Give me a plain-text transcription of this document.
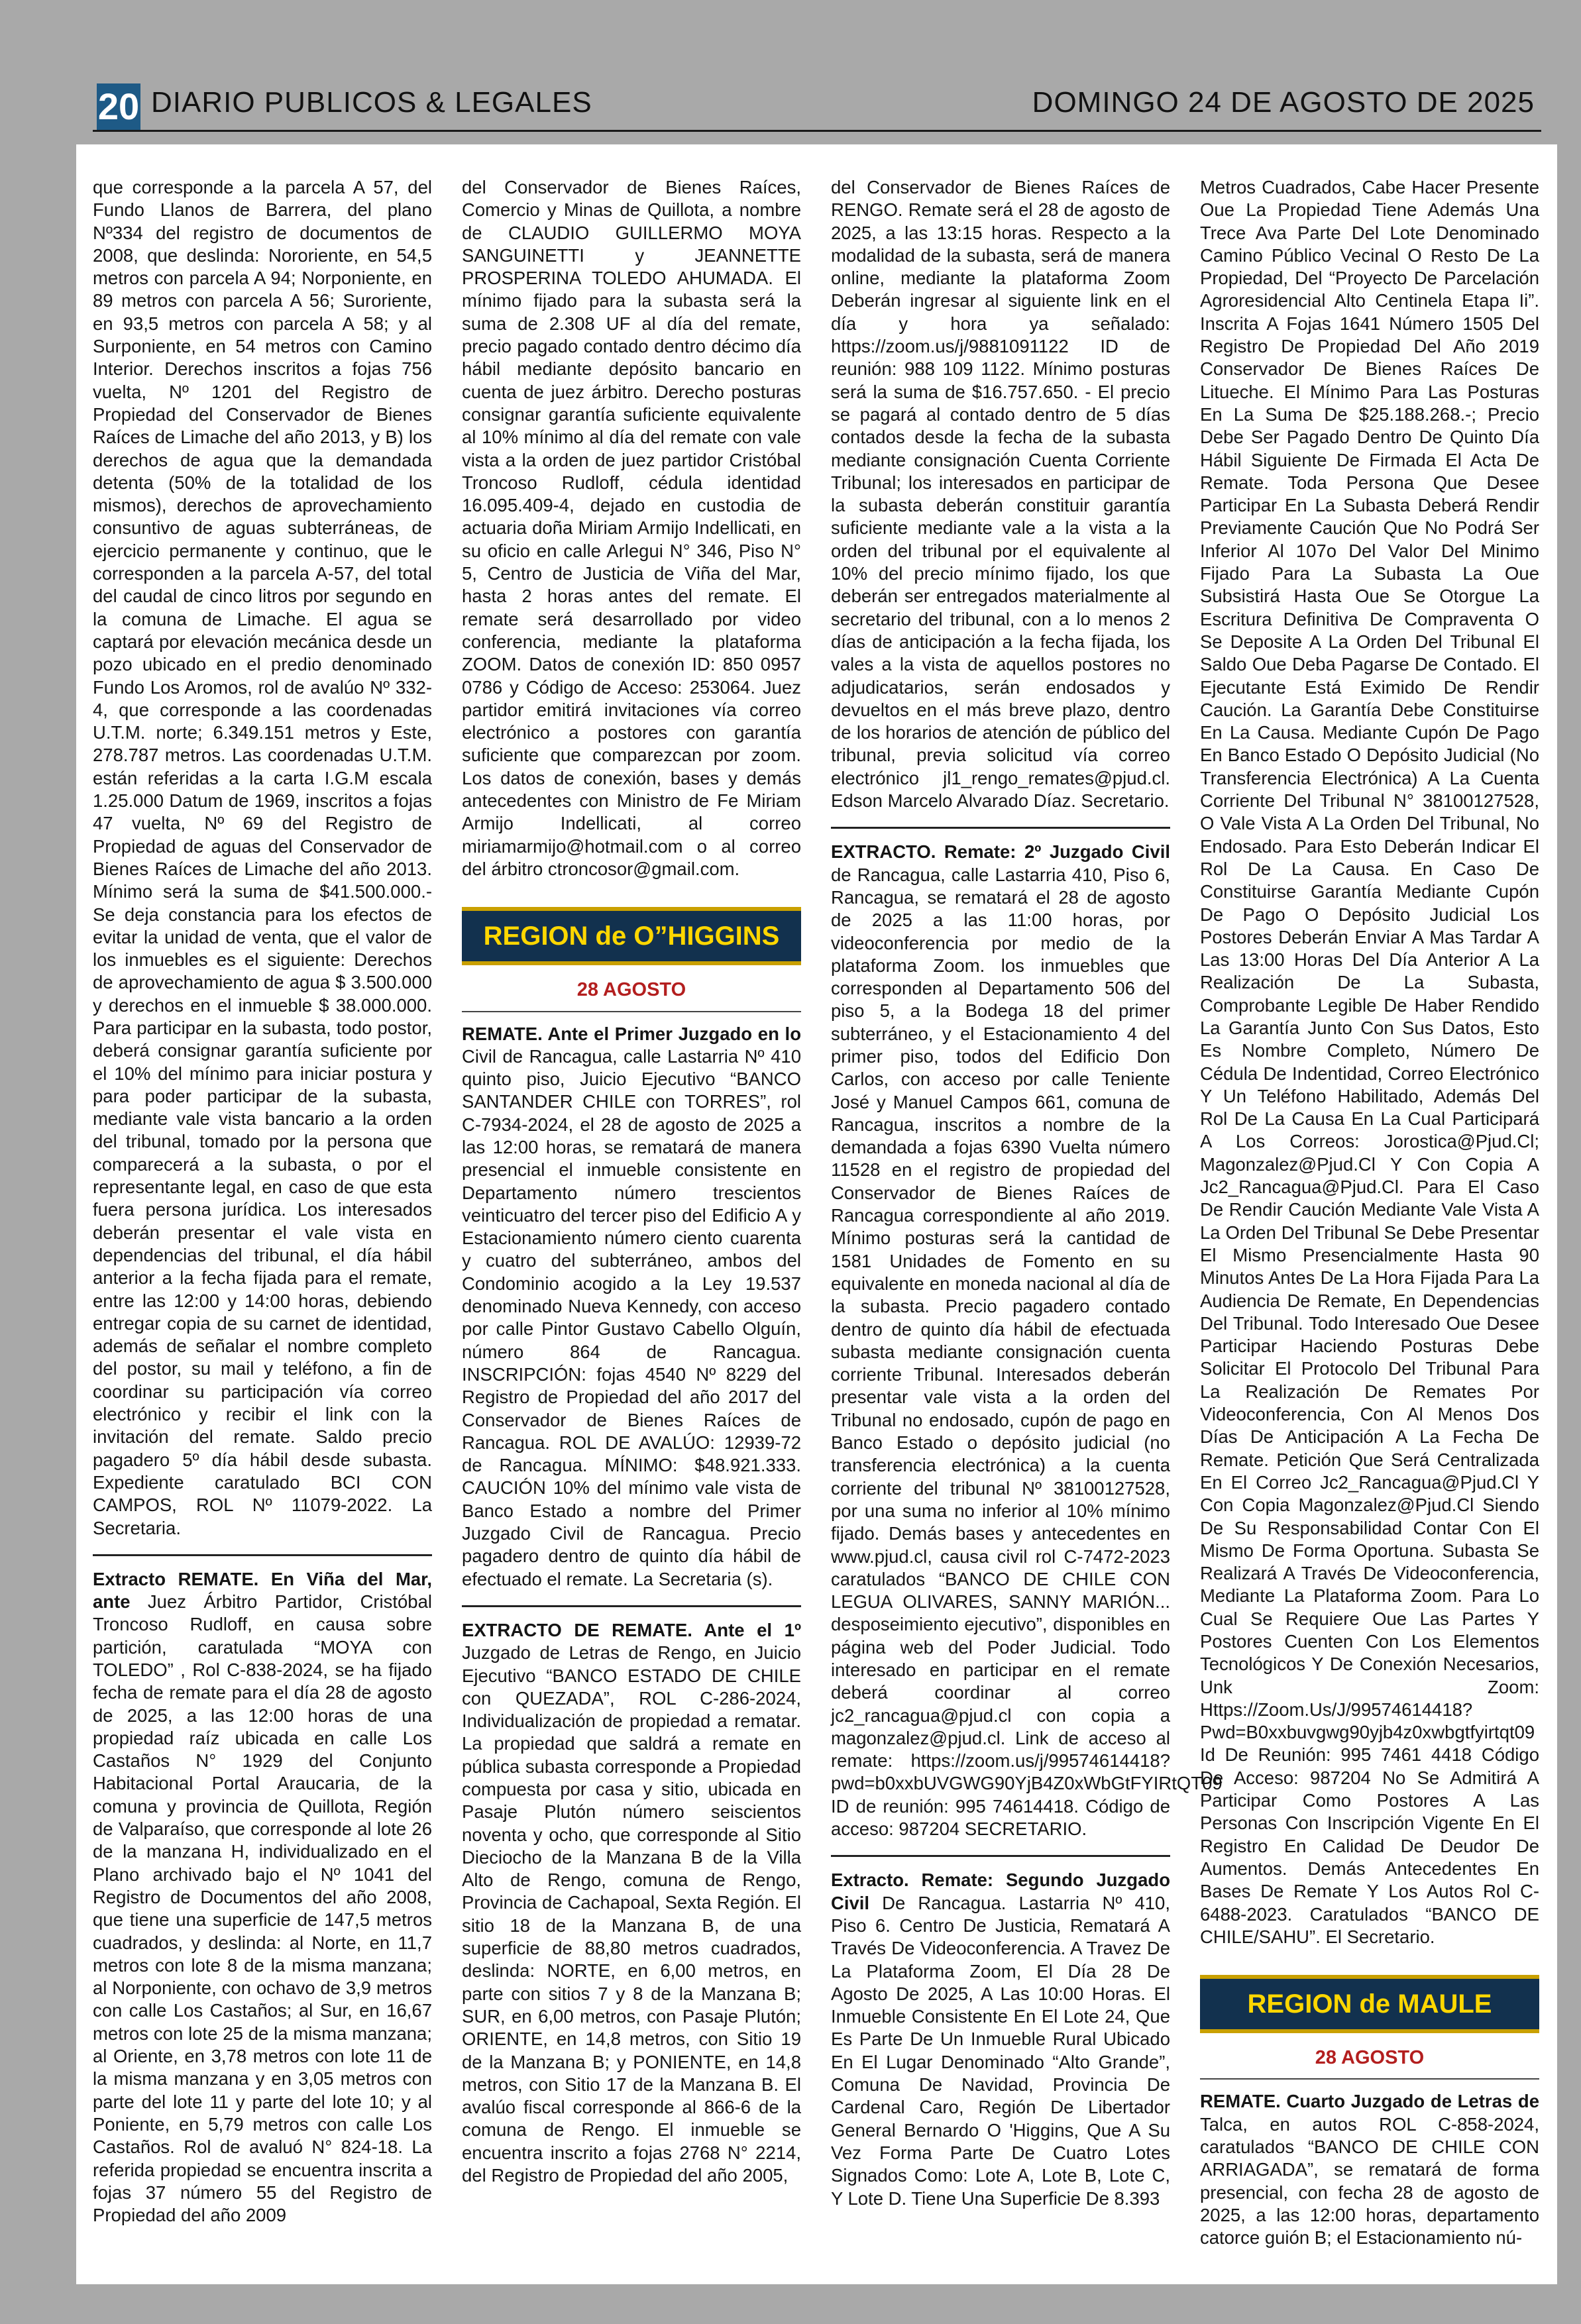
20 DIARIO PUBLICOS & LEGALES	DOMINGO 24 DE AGOSTO DE 2025

que corresponde a la parcela A 57, del Fundo Llanos de Barrera, del plano Nº334 del registro de documentos de 2008, que deslinda: Nororiente, en 54,5 metros con parcela A 94; Norponiente, en 89 metros con parcela A 56; Suroriente, en 93,5 metros con parcela A 58; y al Surponiente, en 54 metros con Camino Interior. Derechos inscritos a fojas 756 vuelta, Nº 1201 del Registro de Propiedad del Conservador de Bienes Raíces de Limache del año 2013, y B) los derechos de agua que la demandada detenta (50% de la totalidad de los mismos), derechos de aprovechamiento consuntivo de aguas subterráneas, de ejercicio permanente y continuo, que le corresponden a la parcela A-57, del total del caudal de cinco litros por segundo en la comuna de Limache. El agua se captará por elevación mecánica desde un pozo ubicado en el predio denominado Fundo Los Aromos, rol de avalúo Nº 332-4, que corresponde a las coordenadas U.T.M. norte; 6.349.151 metros y Este, 278.787 metros. Las coordenadas U.T.M. están referidas a la carta I.G.M escala 1.25.000 Datum de 1969, inscritos a fojas 47 vuelta, Nº 69 del Registro de Propiedad de aguas del Conservador de Bienes Raíces de Limache del año 2013. Mínimo será la suma de $41.500.000.- Se deja constancia para los efectos de evitar la unidad de venta, que el valor de los inmuebles es el siguiente: Derechos de aprovechamiento de agua $ 3.500.000 y derechos en el inmueble $ 38.000.000. Para participar en la subasta, todo postor, deberá consignar garantía suficiente por el 10% del mínimo para iniciar postura y para poder participar de la subasta, mediante vale vista bancario a la orden del tribunal, tomado por la persona que comparecerá a la subasta, o por el representante legal, en caso de que esta fuera persona jurídica. Los interesados deberán presentar el vale vista en dependencias del tribunal, el día hábil anterior a la fecha fijada para el remate, entre las 12:00 y 14:00 horas, debiendo entregar copia de su carnet de identidad, además de señalar el nombre completo del postor, su mail y teléfono, a fin de coordinar su participación vía correo electrónico y recibir el link con la invitación del remate. Saldo precio pagadero 5º día hábil desde subasta. Expediente caratulado BCI CON CAMPOS, ROL Nº 11079-2022. La Secretaria.

Extracto REMATE. En Viña del Mar, ante Juez Árbitro Partidor, Cristóbal Troncoso Rudloff, en causa sobre partición, caratulada “MOYA con TOLEDO” , Rol C-838-2024, se ha fijado fecha de remate para el día 28 de agosto de 2025, a las 12:00 horas de una propiedad raíz ubicada en calle Los Castaños N° 1929 del Conjunto Habitacional Portal Araucaria, de la comuna y provincia de Quillota, Región de Valparaíso, que corresponde al lote 26 de la manzana H, individualizado en el Plano archivado bajo el Nº 1041 del Registro de Documentos del año 2008, que tiene una superficie de 147,5 metros cuadrados, y deslinda: al Norte, en 11,7 metros con lote 8 de la misma manzana; al Norponiente, con ochavo de 3,9 metros con calle Los Castaños; al Sur, en 16,67 metros con lote 25 de la misma manzana; al Oriente, en 3,78 metros con lote 11 de la misma manzana y en 3,05 metros con parte del lote 11 y parte del lote 10; y al Poniente, en 5,79 metros con calle Los Castaños. Rol de avaluó N° 824-18. La referida propiedad se encuentra inscrita a fojas 37 número 55 del Registro de Propiedad del año 2009

del Conservador de Bienes Raíces, Comercio y Minas de Quillota, a nombre de CLAUDIO GUILLERMO MOYA SANGUINETTI y JEANNETTE PROSPERINA TOLEDO AHUMADA. El mínimo fijado para la subasta será la suma de 2.308 UF al día del remate, precio pagado contado dentro décimo día hábil mediante depósito bancario en cuenta de juez árbitro. Derecho posturas consignar garantía suficiente equivalente al 10% mínimo al día del remate con vale vista a la orden de juez partidor Cristóbal Troncoso Rudloff, cédula identidad 16.095.409-4, dejado en custodia de actuaria doña Miriam Armijo Indellicati, en su oficio en calle Arlegui N° 346, Piso N° 5, Centro de Justicia de Viña del Mar, hasta 2 horas antes del remate. El remate será desarrollado por video conferencia, mediante la plataforma ZOOM. Datos de conexión ID: 850 0957 0786 y Código de Acceso: 253064. Juez partidor emitirá invitaciones vía correo electrónico a postores con garantía suficiente que comparezcan por zoom. Los datos de conexión, bases y demás antecedentes con Ministro de Fe Miriam Armijo Indellicati, al correo miriamarmijo@hotmail.com o al correo del árbitro ctroncosor@gmail.com.

REGION de O”HIGGINS
28 AGOSTO

REMATE. Ante el Primer Juzgado en lo Civil de Rancagua, calle Lastarria Nº 410 quinto piso, Juicio Ejecutivo “BANCO SANTANDER CHILE con TORRES”, rol C-7934-2024, el 28 de agosto de 2025 a las 12:00 horas, se rematará de manera presencial el inmueble consistente en Departamento número trescientos veinticuatro del tercer piso del Edificio A y Estacionamiento número ciento cuarenta y cuatro del subterráneo, ambos del Condominio acogido a la Ley 19.537 denominado Nueva Kennedy, con acceso por calle Pintor Gustavo Cabello Olguín, número 864 de Rancagua. INSCRIPCIÓN: fojas 4540 Nº 8229 del Registro de Propiedad del año 2017 del Conservador de Bienes Raíces de Rancagua. ROL DE AVALÚO: 12939-72 de Rancagua. MÍNIMO: $48.921.333. CAUCIÓN 10% del mínimo vale vista de Banco Estado a nombre del Primer Juzgado Civil de Rancagua. Precio pagadero dentro de quinto día hábil de efectuado el remate. La Secretaria (s).

EXTRACTO DE REMATE. Ante el 1º Juzgado de Letras de Rengo, en Juicio Ejecutivo “BANCO ESTADO DE CHILE con QUEZADA”, ROL C-286-2024, Individualización de propiedad a rematar. La propiedad que saldrá a remate en pública subasta corresponde a Propiedad compuesta por casa y sitio, ubicada en Pasaje Plutón número seiscientos noventa y ocho, que corresponde al Sitio Dieciocho de la Manzana B de la Villa Alto de Rengo, comuna de Rengo, Provincia de Cachapoal, Sexta Región. El sitio 18 de la Manzana B, de una superficie de 88,80 metros cuadrados, deslinda: NORTE, en 6,00 metros, en parte con sitios 7 y 8 de la Manzana B; SUR, en 6,00 metros, con Pasaje Plutón; ORIENTE, en 14,8 metros, con Sitio 19 de la Manzana B; y PONIENTE, en 14,8 metros, con Sitio 17 de la Manzana B. El avalúo fiscal corresponde al 866-6 de la comuna de Rengo. El inmueble se encuentra inscrito a fojas 2768 N° 2214, del Registro de Propiedad del año 2005,

del Conservador de Bienes Raíces de RENGO. Remate será el 28 de agosto de 2025, a las 13:15 horas. Respecto a la modalidad de la subasta, será de manera online, mediante la plataforma Zoom Deberán ingresar al siguiente link en el día y hora ya señalado: https://zoom.us/j/9881091122 ID de reunión: 988 109 1122. Mínimo posturas será la suma de $16.757.650. - El precio se pagará al contado dentro de 5 días contados desde la fecha de la subasta mediante consignación Cuenta Corriente Tribunal; los interesados en participar de la subasta deberán constituir garantía suficiente mediante vale a la vista a la orden del tribunal por el equivalente al 10% del precio mínimo fijado, los que deberán ser entregados materialmente al secretario del tribunal, con a lo menos 2 días de anticipación a la fecha fijada, los vales a la vista de aquellos postores no adjudicatarios, serán endosados y devueltos en el más breve plazo, dentro de los horarios de atención de público del tribunal, previa solicitud vía correo electrónico jl1_rengo_remates@pjud.cl. Edson Marcelo Alvarado Díaz. Secretario.

EXTRACTO. Remate: 2º Juzgado Civil de Rancagua, calle Lastarria 410, Piso 6, Rancagua, se rematará el 28 de agosto de 2025 a las 11:00 horas, por videoconferencia por medio de la plataforma Zoom. los inmuebles que corresponden al Departamento 506 del piso 5, a la Bodega 18 del primer subterráneo, y el Estacionamiento 4 del primer piso, todos del Edificio Don Carlos, con acceso por calle Teniente José y Manuel Campos 661, comuna de Rancagua, inscritos a nombre de la demandada a fojas 6390 Vuelta número 11528 en el registro de propiedad del Conservador de Bienes Raíces de Rancagua correspondiente al año 2019. Mínimo posturas será la cantidad de 1581 Unidades de Fomento en su equivalente en moneda nacional al día de la subasta. Precio pagadero contado dentro de quinto día hábil de efectuada subasta mediante consignación cuenta corriente Tribunal. Interesados deberán presentar vale vista a la orden del Tribunal no endosado, cupón de pago en Banco Estado o depósito judicial (no transferencia electrónica) a la cuenta corriente del tribunal Nº 38100127528, por una suma no inferior al 10% mínimo fijado. Demás bases y antecedentes en www.pjud.cl, causa civil rol C-7472-2023 caratulados “BANCO DE CHILE CON LEGUA OLIVARES, SANNY MARIÓN... desposeimiento ejecutivo”, disponibles en página web del Poder Judicial. Todo interesado en participar en el remate deberá coordinar al correo jc2_rancagua@pjud.cl con copia a magonzalez@pjud.cl. Link de acceso al remate: https://zoom.us/j/99574614418?pwd=b0xxbUVGWG90YjB4Z0xWbGtFYIRtQT09 ID de reunión: 995 74614418. Código de acceso: 987204 SECRETARIO.

Extracto. Remate: Segundo Juzgado Civil De Rancagua. Lastarria Nº 410, Piso 6. Centro De Justicia, Rematará A Través De Videoconferencia. A Travez De La Plataforma Zoom, El Día 28 De Agosto De 2025, A Las 10:00 Horas. El Inmueble Consistente En El Lote 24, Que Es Parte De Un Inmueble Rural Ubicado En El Lugar Denominado “Alto Grande”, Comuna De Navidad, Provincia De Cardenal Caro, Región De Libertador General Bernardo O 'Higgins, Que A Su Vez Forma Parte De Cuatro Lotes Signados Como: Lote A, Lote B, Lote C, Y Lote D. Tiene Una Superficie De 8.393

Metros Cuadrados, Cabe Hacer Presente Oue La Propiedad Tiene Además Una Trece Ava Parte Del Lote Denominado Camino Público Vecinal O Resto De La Propiedad, Del “Proyecto De Parcelación Agroresidencial Alto Centinela Etapa Ii”. Inscrita A Fojas 1641 Número 1505 Del Registro De Propiedad Del Año 2019 Conservador De Bienes Raíces De Litueche. El Mínimo Para Las Posturas En La Suma De $25.188.268.-; Precio Debe Ser Pagado Dentro De Quinto Día Hábil Siguiente De Firmada El Acta De Remate. Toda Persona Que Desee Participar En La Subasta Deberá Rendir Previamente Caución Que No Podrá Ser Inferior Al 107o Del Valor Del Minimo Fijado Para La Subasta La Oue Subsistirá Hasta Oue Se Otorgue La Escritura Definitiva De Compraventa O Se Deposite A La Orden Del Tribunal El Saldo Oue Deba Pagarse De Contado. El Ejecutante Está Eximido De Rendir Caución. La Garantía Debe Constituirse En La Causa. Mediante Cupón De Pago En Banco Estado O Depósito Judicial (No Transferencia Electrónica) A La Cuenta Corriente Del Tribunal N° 38100127528, O Vale Vista A La Orden Del Tribunal, No Endosado. Para Esto Deberán Indicar El Rol De La Causa. En Caso De Constituirse Garantía Mediante Cupón De Pago O Depósito Judicial Los Postores Deberán Enviar A Mas Tardar A Las 13:00 Horas Del Día Anterior A La Realización De La Subasta, Comprobante Legible De Haber Rendido La Garantía Junto Con Sus Datos, Esto Es Nombre Completo, Número De Cédula De Indentidad, Correo Electrónico Y Un Teléfono Habilitado, Además Del Rol De La Causa En La Cual Participará A Los Correos: Jorostica@Pjud.Cl; Magonzalez@Pjud.Cl Y Con Copia A Jc2_Rancagua@Pjud.Cl. Para El Caso De Rendir Caución Mediante Vale Vista A La Orden Del Tribunal Se Debe Presentar El Mismo Presencialmente Hasta 90 Minutos Antes De La Hora Fijada Para La Audiencia De Remate, En Dependencias Del Tribunal. Todo Interesado Oue Desee Participar Haciendo Posturas Debe Solicitar El Protocolo Del Tribunal Para La Realización De Remates Por Videoconferencia, Con Al Menos Dos Días De Anticipación A La Fecha De Remate. Petición Que Será Centralizada En El Correo Jc2_Rancagua@Pjud.Cl Y Con Copia Magonzalez@Pjud.Cl Siendo De Su Responsabilidad Contar Con El Mismo De Forma Oportuna. Subasta Se Realizará A Través De Videoconferencia, Mediante La Plataforma Zoom. Para Lo Cual Se Requiere Oue Las Partes Y Postores Cuenten Con Los Elementos Tecnológicos Y De Conexión Necesarios, Unk Zoom: Https://Zoom.Us/J/99574614418?Pwd=B0xxbuvgwg90yjb4z0xwbgtfyirtqt09 Id De Reunión: 995 7461 4418 Código De Acceso: 987204 No Se Admitirá A Participar Como Postores A Las Personas Con Inscripción Vigente En El Registro En Calidad De Deudor De Aumentos. Demás Antecedentes En Bases De Remate Y Los Autos Rol C-6488-2023. Caratulados “BANCO DE CHILE/SAHU”. El Secretario.

REGION de MAULE
28 AGOSTO

REMATE. Cuarto Juzgado de Letras de Talca, en autos ROL C-858-2024, caratulados “BANCO DE CHILE CON ARRIAGADA”, se rematará de forma presencial, con fecha 28 de agosto de 2025, a las 12:00 horas, departamento catorce guión B; el Estacionamiento nú-
